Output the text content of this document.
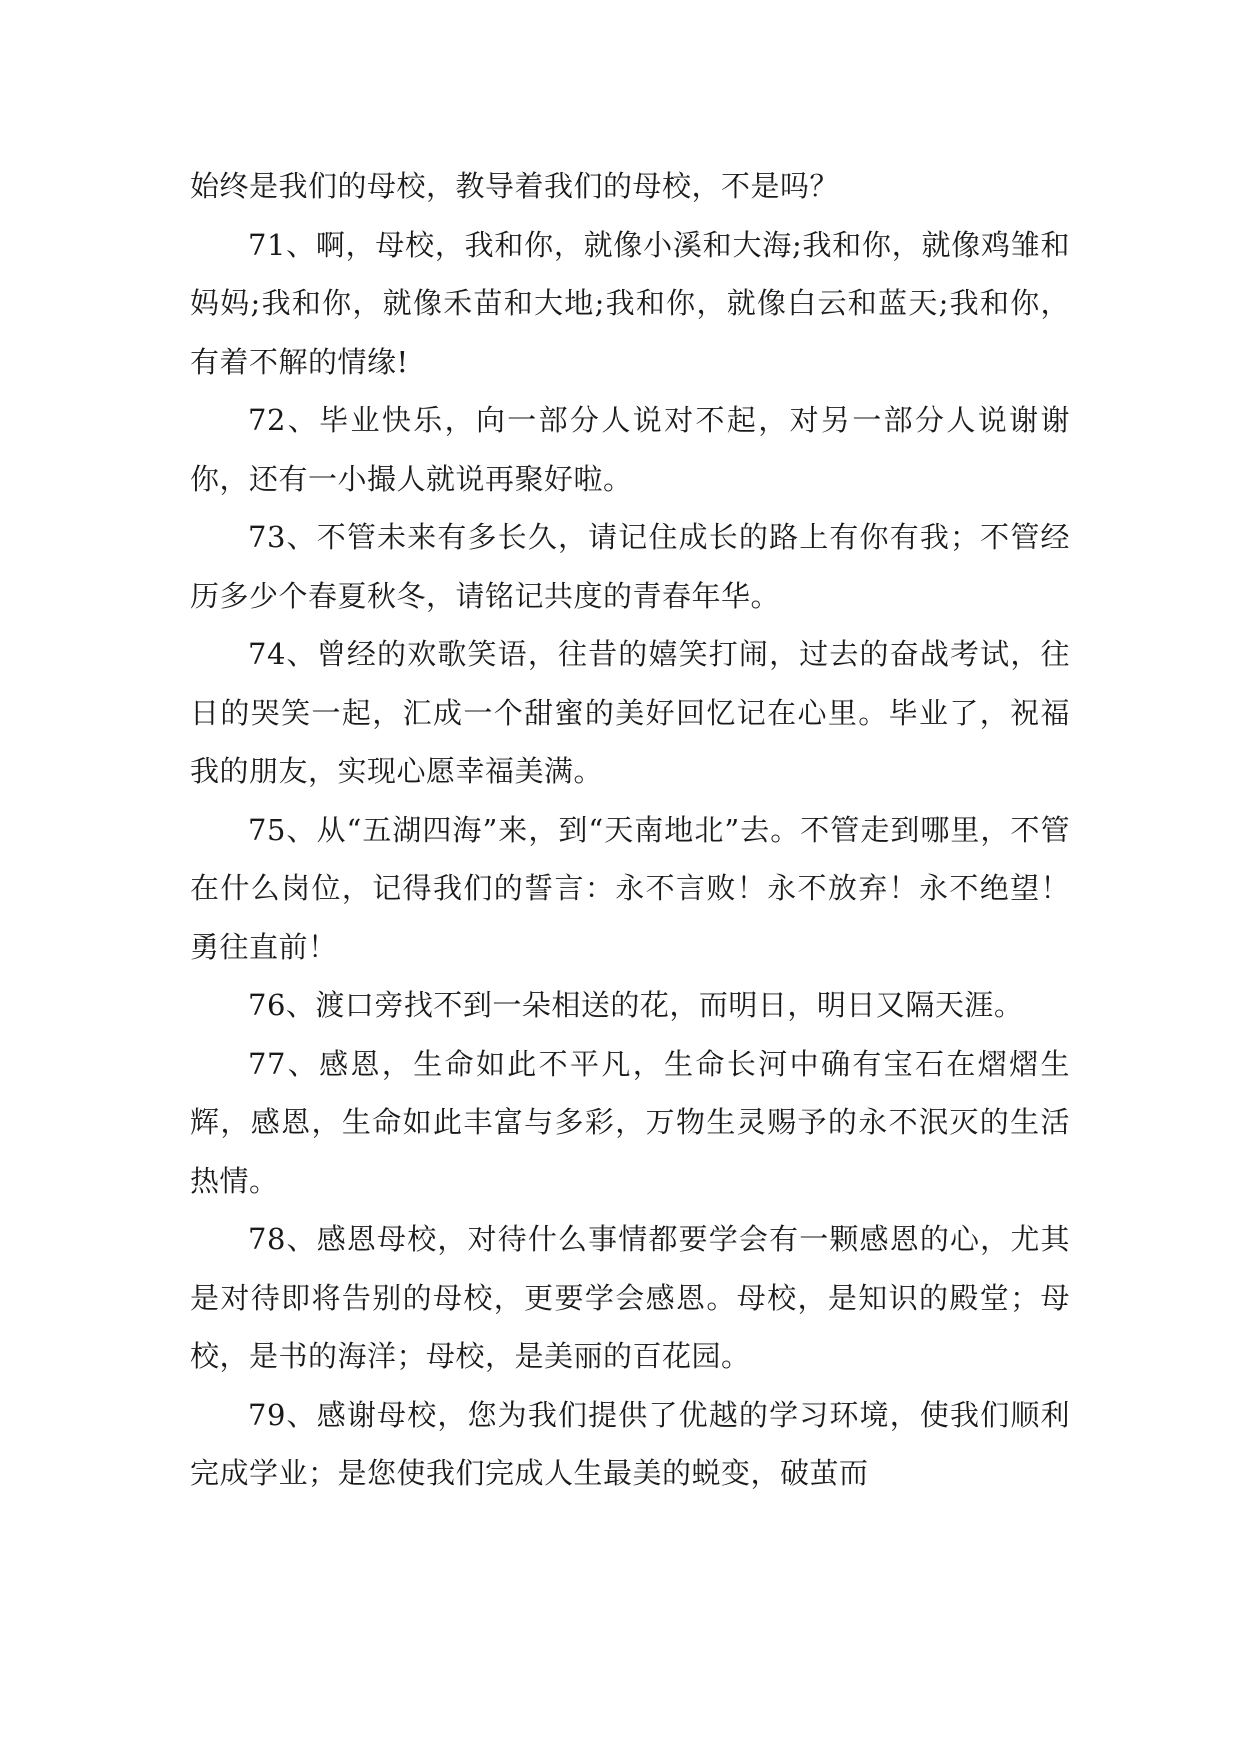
始终是我们的母校，教导着我们的母校，不是吗？

71、啊，母校，我和你，就像小溪和大海;我和你，就像鸡雏和妈妈;我和你，就像禾苗和大地;我和你，就像白云和蓝天;我和你，有着不解的情缘!

72、毕业快乐，向一部分人说对不起，对另一部分人说谢谢你，还有一小撮人就说再聚好啦。

73、不管未来有多长久，请记住成长的路上有你有我；不管经历多少个春夏秋冬，请铭记共度的青春年华。

74、曾经的欢歌笑语，往昔的嬉笑打闹，过去的奋战考试，往日的哭笑一起，汇成一个甜蜜的美好回忆记在心里。毕业了，祝福我的朋友，实现心愿幸福美满。

75、从“五湖四海”来，到“天南地北”去。不管走到哪里，不管在什么岗位，记得我们的誓言：永不言败！永不放弃！永不绝望！勇往直前！

76、渡口旁找不到一朵相送的花，而明日，明日又隔天涯。

77、感恩，生命如此不平凡，生命长河中确有宝石在熠熠生辉，感恩，生命如此丰富与多彩，万物生灵赐予的永不泯灭的生活热情。

78、感恩母校，对待什么事情都要学会有一颗感恩的心，尤其是对待即将告别的母校，更要学会感恩。母校，是知识的殿堂；母校，是书的海洋；母校，是美丽的百花园。

79、感谢母校，您为我们提供了优越的学习环境，使我们顺利完成学业；是您使我们完成人生最美的蜕变，破茧而
